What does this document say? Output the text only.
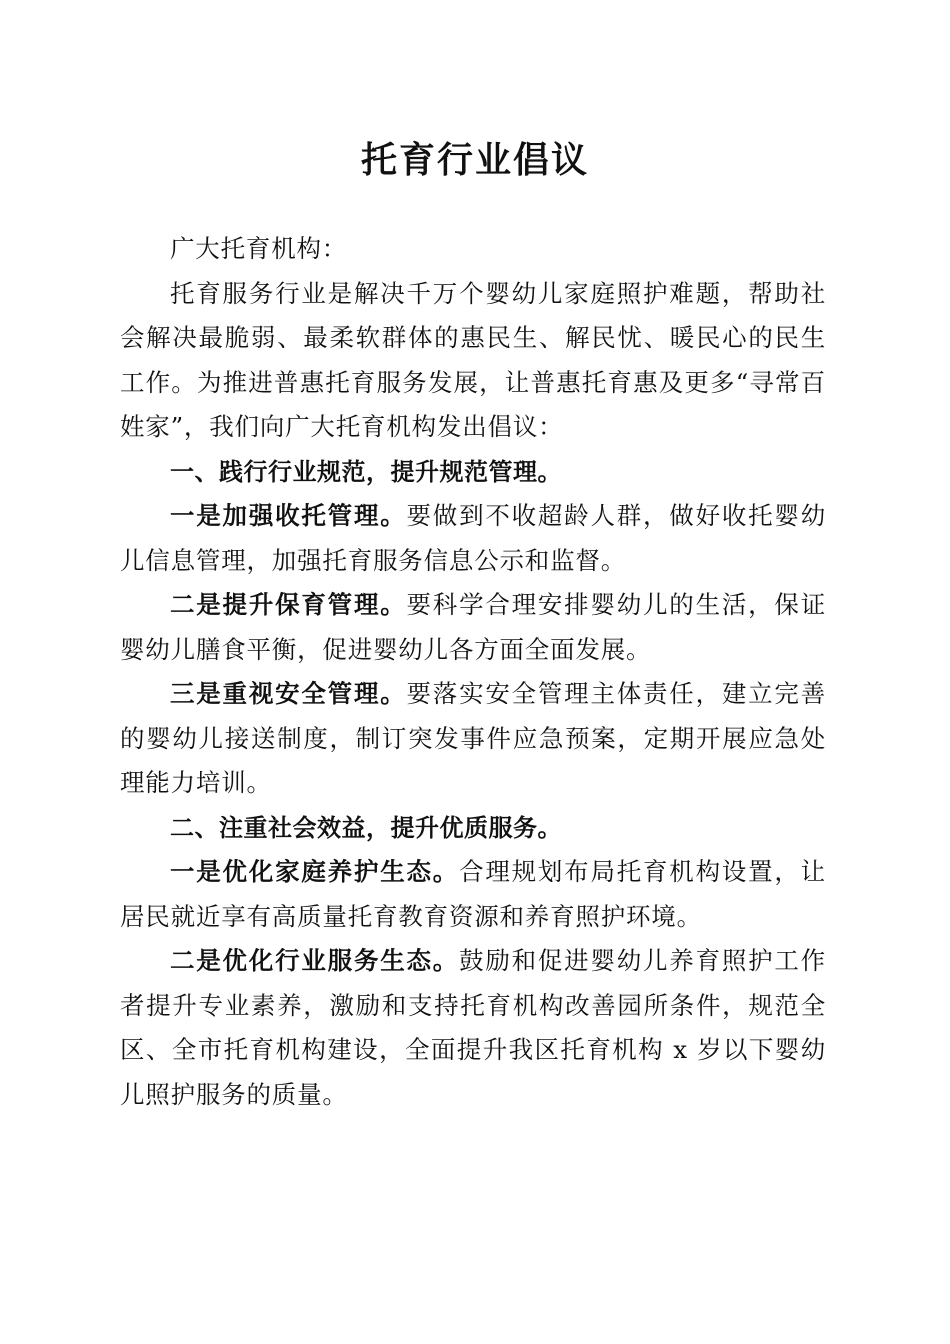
托育行业倡议

广大托育机构：

托育服务行业是解决千万个婴幼儿家庭照护难题，帮助社会解决最脆弱、最柔软群体的惠民生、解民忧、暖民心的民生工作。为推进普惠托育服务发展，让普惠托育惠及更多“寻常百姓家”，我们向广大托育机构发出倡议：

一、践行行业规范，提升规范管理。

一是加强收托管理。要做到不收超龄人群，做好收托婴幼儿信息管理，加强托育服务信息公示和监督。

二是提升保育管理。要科学合理安排婴幼儿的生活，保证婴幼儿膳食平衡，促进婴幼儿各方面全面发展。

三是重视安全管理。要落实安全管理主体责任，建立完善的婴幼儿接送制度，制订突发事件应急预案，定期开展应急处理能力培训。

二、注重社会效益，提升优质服务。

一是优化家庭养护生态。合理规划布局托育机构设置，让居民就近享有高质量托育教育资源和养育照护环境。

二是优化行业服务生态。鼓励和促进婴幼儿养育照护工作者提升专业素养，激励和支持托育机构改善园所条件，规范全区、全市托育机构建设，全面提升我区托育机构 x 岁以下婴幼儿照护服务的质量。
